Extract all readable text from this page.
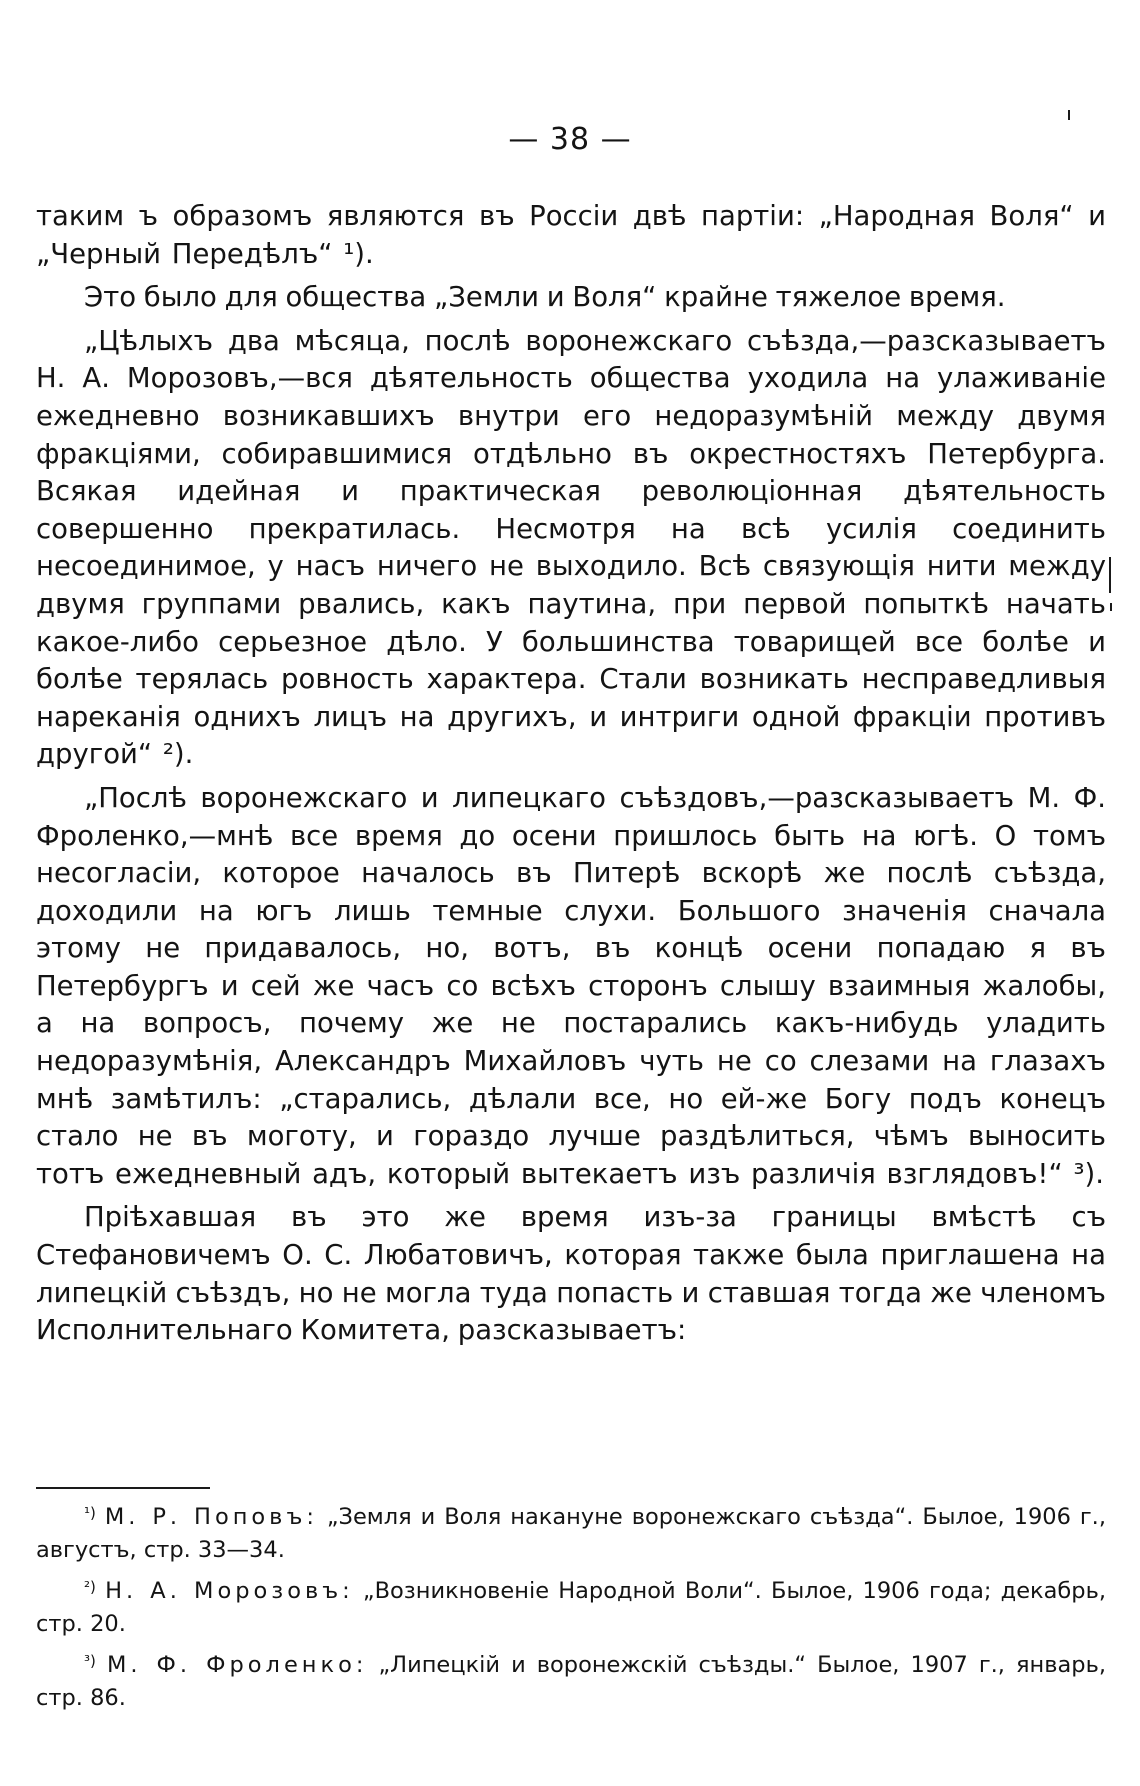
— 38 —

таким ъ образомъ являются въ Россіи двѣ партіи: „Народная Воля“ и „Черный Передѣлъ“ ¹).

Это было для общества „Земли и Воля“ крайне тяжелое время.

„Цѣлыхъ два мѣсяца, послѣ воронежскаго съѣзда,—разсказываетъ Н. А. Морозовъ,—вся дѣятельность общества уходила на улаживаніе ежедневно возникавшихъ внутри его недоразумѣній между двумя фракціями, собиравшимися отдѣльно въ окрестностяхъ Петербурга. Всякая идейная и практическая революціонная дѣятельность совершенно прекратилась. Несмотря на всѣ усилія соединить несоединимое, у насъ ничего не выходило. Всѣ связующія нити между двумя группами рвались, какъ паутина, при первой попыткѣ начать какое-либо серьезное дѣло. У большинства товарищей все болѣе и болѣе терялась ровность характера. Стали возникать несправедливыя нареканія однихъ лицъ на другихъ, и интриги одной фракціи противъ другой“ ²).

„Послѣ воронежскаго и липецкаго съѣздовъ,—разсказываетъ М. Ф. Фроленко,—мнѣ все время до осени пришлось быть на югѣ. О томъ несогласіи, которое началось въ Питерѣ вскорѣ же послѣ съѣзда, доходили на югъ лишь темные слухи. Большого значенія сначала этому не придавалось, но, вотъ, въ концѣ осени попадаю я въ Петербургъ и сей же часъ со всѣхъ сторонъ слышу взаимныя жалобы, а на вопросъ, почему же не постарались какъ-нибудь уладить недоразумѣнія, Александръ Михайловъ чуть не со слезами на глазахъ мнѣ замѣтилъ: „старались, дѣлали все, но ей-же Богу подъ конецъ стало не въ моготу, и гораздо лучше раздѣлиться, чѣмъ выносить тотъ ежедневный адъ, который вытекаетъ изъ различія взглядовъ!“ ³).

Пріѣхавшая въ это же время изъ-за границы вмѣстѣ съ Стефановичемъ О. С. Любатовичъ, которая также была приглашена на липецкій съѣздъ, но не могла туда попасть и ставшая тогда же членомъ Исполнительнаго Комитета, разсказываетъ:

$^{^1)}$ М. Р. Поповъ: „Земля и Воля накануне воронежскаго съѣзда“. Былое, 1906 г., августъ, стр. 33—34.

$^{^2)}$ Н. А. Морозовъ: „Возникновеніе Народной Воли“. Былое, 1906 года; декабрь, стр. 20.

$^{^3)}$ М. Ф. Фроленко: „Липецкій и воронежскій съѣзды.“ Былое, 1907 г., январь, стр. 86.
